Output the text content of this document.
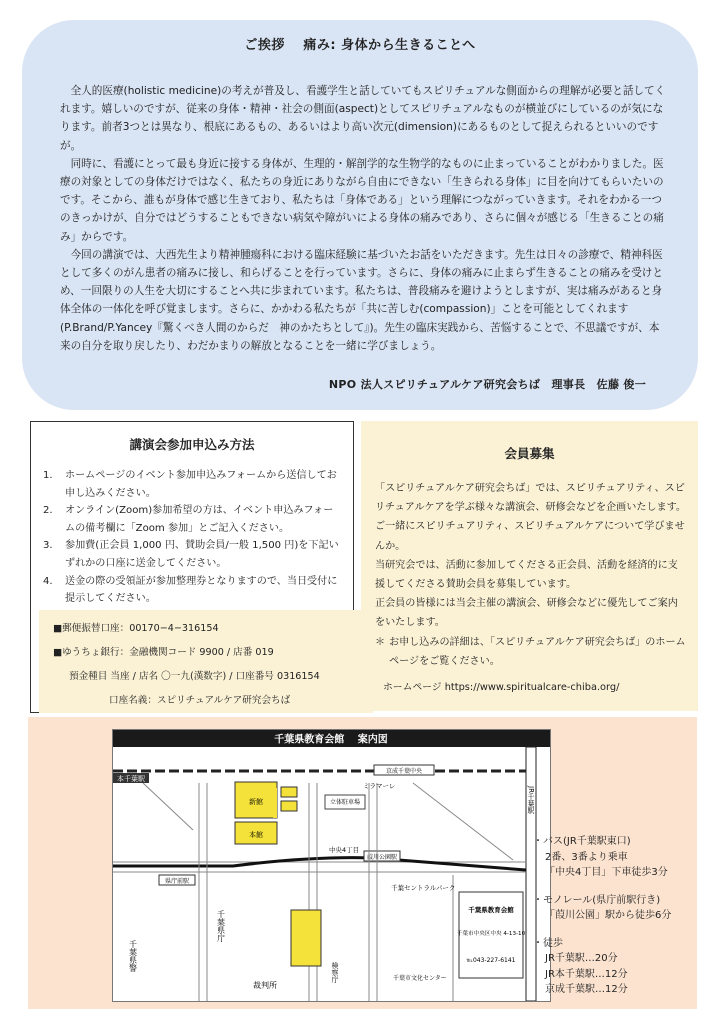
ご挨拶　 痛み: 身体から生きることへ

全人的医療(holistic medicine)の考えが普及し、看護学生と話していてもスピリチュアルな側面からの理解が必要と話してくれます。嬉しいのですが、従来の身体・精神・社会の側面(aspect)としてスピリチュアルなものが横並びにしているのが気になります。前者3つとは異なり、根底にあるもの、あるいはより高い次元(dimension)にあるものとして捉えられるといいのですが。

同時に、看護にとって最も身近に接する身体が、生理的・解剖学的な生物学的なものに止まっていることがわかりました。医療の対象としての身体だけではなく、私たちの身近にありながら自由にできない「生きられる身体」に目を向けてもらいたいのです。そこから、誰もが身体で感じ生きており、私たちは「身体である」という理解につながっていきます。それをわかる一つのきっかけが、自分ではどうすることもできない病気や障がいによる身体の痛みであり、さらに個々が感じる「生きることの痛み」からです。

今回の講演では、大西先生より精神腫瘍科における臨床経験に基づいたお話をいただきます。先生は日々の診療で、精神科医として多くのがん患者の痛みに接し、和らげることを行っています。さらに、身体の痛みに止まらず生きることの痛みを受けとめ、一回限りの人生を大切にすることへ共に歩まれています。私たちは、普段痛みを避けようとしますが、実は痛みがあると身体全体の一体化を呼び覚まします。さらに、かかわる私たちが「共に苦しむ(compassion)」ことを可能としてくれます(P.Brand/P.Yancey『驚くべき人間のからだ　神のかたちとして』)。先生の臨床実践から、苦悩することで、不思議ですが、本来の自分を取り戻したり、わだかまりの解放となることを一緒に学びましょう。

NPO 法人スピリチュアルケア研究会ちば　理事長　佐藤 俊一
講演会参加申込み方法
1.	ホームページのイベント参加申込みフォームから送信してお申し込みください。
2.	オンライン(Zoom)参加希望の方は、イベント申込みフォームの備考欄に「Zoom 参加」とご記入ください。
3.	参加費(正会員 1,000 円、賛助会員/一般 1,500 円)を下記いずれかの口座に送金してください。
4.	送金の際の受領証が参加整理券となりますので、当日受付に提示してください。
■郵便振替口座：00170−4−316154
■ゆうちょ銀行：金融機関コード 9900 / 店番 019
預金種目 当座 / 店名 〇一九(漢数字) / 口座番号 0316154
口座名義：スピリチュアルケア研究会ちば
会員募集

「スピリチュアルケア研究会ちば」では、スピリチュアリティ、スピリチュアルケアを学ぶ様々な講演会、研修会などを企画いたします。ご一緒にスピリチュアリティ、スピリチュアルケアについて学びませんか。

当研究会では、活動に参加してくださる正会員、活動を経済的に支援してくださる賛助会員を募集しています。

正会員の皆様には当会主催の講演会、研修会などに優先してご案内をいたします。

＊ お申し込みの詳細は、「スピリチュアルケア研究会ちば」のホームページをご覧ください。
ホームページ https://www.spiritualcare-chiba.org/
千葉県教育会館　 案内図
本千葉駅
京成千葉中央
JR千葉駅
葭川公園駅
県庁前駅
新館
本館
千葉県教育会館
立体駐車場
ミラマーレ
千葉県警
千葉県庁
裁判所
検察庁
千葉セントラルパーク
千葉市文化センター
中央4丁目
千葉県教育会館
千葉市中央区中央 4-13-10
℡043-227-6141
・バス(JR千葉駅東口)
2番、3番より乗車
「中央4丁目」下車徒歩3分
・モノレール(県庁前駅行き)
「葭川公園」駅から徒歩6分
・徒歩
JR千葉駅…20分
JR本千葉駅…12分
京成千葉駅…12分
